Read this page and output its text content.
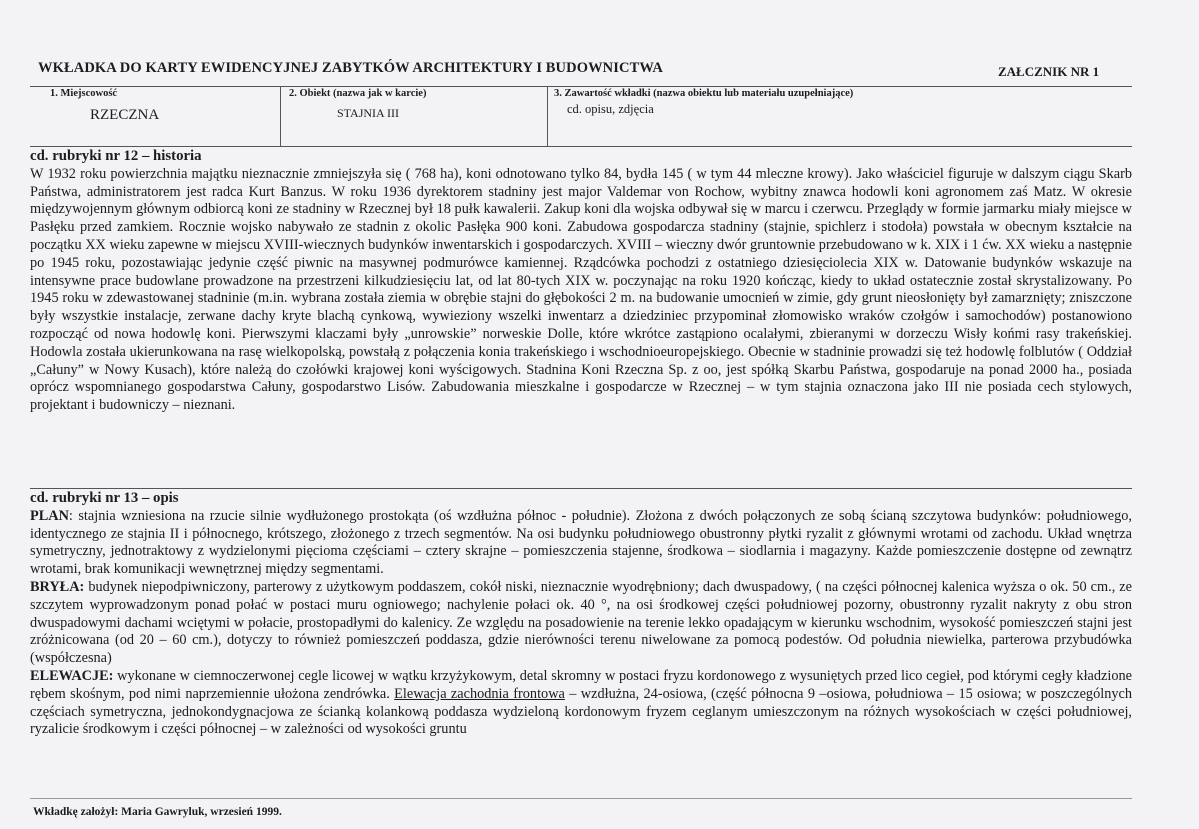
WKŁADKA DO KARTY EWIDENCYJNEJ ZABYTKÓW ARCHITEKTURY I BUDOWNICTWA	ZAŁCZNIK NR 1
1. Miejscowość
RZECZNA
2. Obiekt (nazwa jak w karcie)
STAJNIA III
3. Zawartość wkładki (nazwa obiektu lub materiału uzupełniające)
cd. opisu, zdjęcia
cd. rubryki nr 12 – historia
W 1932 roku powierzchnia majątku nieznacznie zmniejszyła się ( 768 ha), koni odnotowano tylko 84, bydła 145 ( w tym 44 mleczne krowy). Jako właściciel figuruje w dalszym ciągu Skarb Państwa, administratorem jest radca Kurt Banzus. W roku 1936 dyrektorem stadniny jest major Valdemar von Rochow, wybitny znawca hodowli koni agronomem zaś Matz. W okresie międzywojennym głównym odbiorcą koni ze stadniny w Rzecznej był 18 pułk kawalerii. Zakup koni dla wojska odbywał się w marcu i czerwcu. Przeglądy w formie jarmarku miały miejsce w Pasłęku przed zamkiem. Rocznie wojsko nabywało ze stadnin z okolic Pasłęka 900 koni. Zabudowa gospodarcza stadniny (stajnie, spichlerz i stodoła) powstała w obecnym kształcie na początku XX wieku zapewne w miejscu XVIII-wiecznych budynków inwentarskich i gospodarczych. XVIII – wieczny dwór gruntownie przebudowano w k. XIX i 1 ćw. XX wieku a następnie po 1945 roku, pozostawiając jedynie część piwnic na masywnej podmurówce kamiennej. Rządcówka pochodzi z ostatniego dziesięciolecia XIX w. Datowanie budynków wskazuje na intensywne prace budowlane prowadzone na przestrzeni kilkudziesięciu lat, od lat 80-tych XIX w. poczynając na roku 1920 kończąc, kiedy to układ ostatecznie został skrystalizowany. Po 1945 roku w zdewastowanej stadninie (m.in. wybrana została ziemia w obrębie stajni do głębokości 2 m. na budowanie umocnień w zimie, gdy grunt nieosłonięty był zamarznięty; zniszczone były wszystkie instalacje, zerwane dachy kryte blachą cynkową, wywieziony wszelki inwentarz a dziedziniec przypominał złomowisko wraków czołgów i samochodów) postanowiono rozpocząć od nowa hodowlę koni. Pierwszymi klaczami były „unrowskie” norweskie Dolle, które wkrótce zastąpiono ocalałymi, zbieranymi w dorzeczu Wisły końmi rasy trakeńskiej. Hodowla została ukierunkowana na rasę wielkopolską, powstałą z połączenia konia trakeńskiego i wschodnioeuropejskiego. Obecnie w stadninie prowadzi się też hodowlę folblutów ( Oddział „Całuny” w Nowy Kusach), które należą do czołówki krajowej koni wyścigowych. Stadnina Koni Rzeczna Sp. z oo, jest spółką Skarbu Państwa, gospodaruje na ponad 2000 ha., posiada oprócz wspomnianego gospodarstwa Całuny, gospodarstwo Lisów. Zabudowania mieszkalne i gospodarcze w Rzecznej – w tym stajnia oznaczona jako III nie posiada cech stylowych, projektant i budowniczy – nieznani.
cd. rubryki nr 13 – opis
PLAN: stajnia wzniesiona na rzucie silnie wydłużonego prostokąta (oś wzdłużna północ - południe). Złożona z dwóch połączonych ze sobą ścianą szczytowa budynków: południowego, identycznego ze stajnia II i północnego, krótszego, złożonego z trzech segmentów. Na osi budynku południowego obustronny płytki ryzalit z głównymi wrotami od zachodu. Układ wnętrza symetryczny, jednotraktowy z wydzielonymi pięcioma częściami – cztery skrajne – pomieszczenia stajenne, środkowa – siodlarnia i magazyny. Każde pomieszczenie dostępne od zewnątrz wrotami, brak komunikacji wewnętrznej między segmentami.
BRYŁA: budynek niepodpiwniczony, parterowy z użytkowym poddaszem, cokół niski, nieznacznie wyodrębniony; dach dwuspadowy, ( na części północnej kalenica wyższa o ok. 50 cm., ze szczytem wyprowadzonym ponad połać w postaci muru ogniowego; nachylenie połaci ok. 40 °, na osi środkowej części południowej pozorny, obustronny ryzalit nakryty z obu stron dwuspadowymi dachami wciętymi w połacie, prostopadłymi do kalenicy. Ze względu na posadowienie na terenie lekko opadającym w kierunku wschodnim, wysokość pomieszczeń stajni jest zróżnicowana (od 20 – 60 cm.), dotyczy to również pomieszczeń poddasza, gdzie nierówności terenu niwelowane za pomocą podestów. Od południa niewielka, parterowa przybudówka (współczesna)
ELEWACJE: wykonane w ciemnoczerwonej cegle licowej w wątku krzyżykowym, detal skromny w postaci fryzu kordonowego z wysuniętych przed lico cegieł, pod którymi cegły kładzione rębem skośnym, pod nimi naprzemiennie ułożona zendrówka. Elewacja zachodnia frontowa – wzdłużna, 24-osiowa, (część północna 9 –osiowa, południowa – 15 osiowa; w poszczególnych częściach symetryczna, jednokondygnacjowa ze ścianką kolankową poddasza wydzieloną kordonowym fryzem ceglanym umieszczonym na różnych wysokościach w części południowej, ryzalicie środkowym i części północnej – w zależności od wysokości gruntu
Wkładkę założył: Maria Gawryluk, wrzesień 1999.
